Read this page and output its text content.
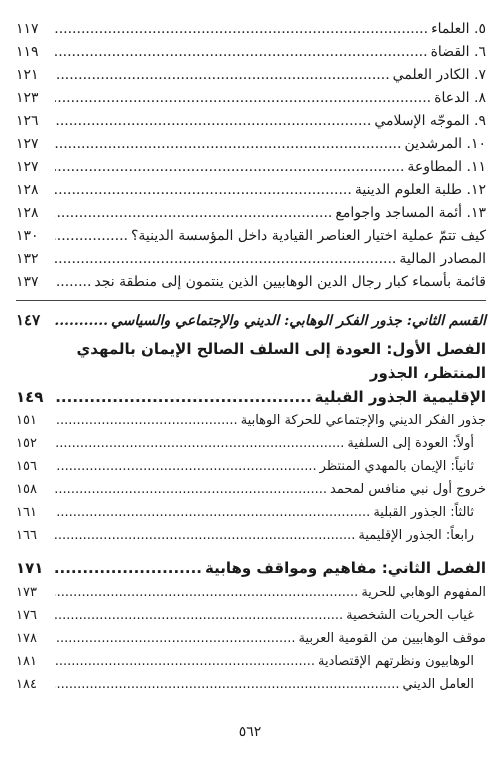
٥. العلماء
.....
١١٧
٦. القضاة
.....
١١٩
٧. الكادر العلمي
.....
١٢١
٨. الدعاة
.....
١٢٣
٩. الموجّه الإسلامي
.....
١٢٦
١٠. المرشدين
.....
١٢٧
١١. المطاوعة
.....
١٢٧
١٢. طلبة العلوم الدينية
.....
١٢٨
١٣. أئمة المساجد واجوامع
.....
١٢٨
كيف تتمّ عملية اختيار العناصر القيادية داخل المؤسسة الدينية؟
.....
١٣٠
المصادر المالية
.....
١٣٢
قائمة بأسماء كبار رجال الدين الوهابيين الذين ينتمون إلى منطقة نجد
.....
١٣٧
القسم الثاني: جذور الفكر الوهابي: الديني والإجتماعي والسياسي
.....
١٤٧
الفصل الأول: العودة إلى السلف الصالح الإيمان بالمهدي المنتظر، الجذور
الإقليمية الجذور القبلية
.....
١٤٩
جذور الفكر الديني والإجتماعي للحركة الوهابية
.....
١٥١
أولاً: العودة إلى السلفية
.....
١٥٢
ثانياً: الإيمان بالمهدي المنتظر
.....
١٥٦
خروج أول نبي منافس لمحمد
.....
١٥٨
ثالثاً: الجذور القبلية
.....
١٦١
رابعاً: الجذور الإقليمية
.....
١٦٦
الفصل الثاني: مفاهيم ومواقف وهابية
.....
١٧١
المفهوم الوهابي للحرية
.....
١٧٣
غياب الحريات الشخصية
.....
١٧٦
موقف الوهابيين من القومية العربية
.....
١٧٨
الوهابيون ونظرتهم الإقتصادية
.....
١٨١
العامل الديني
.....
١٨٤
٥٦٢
